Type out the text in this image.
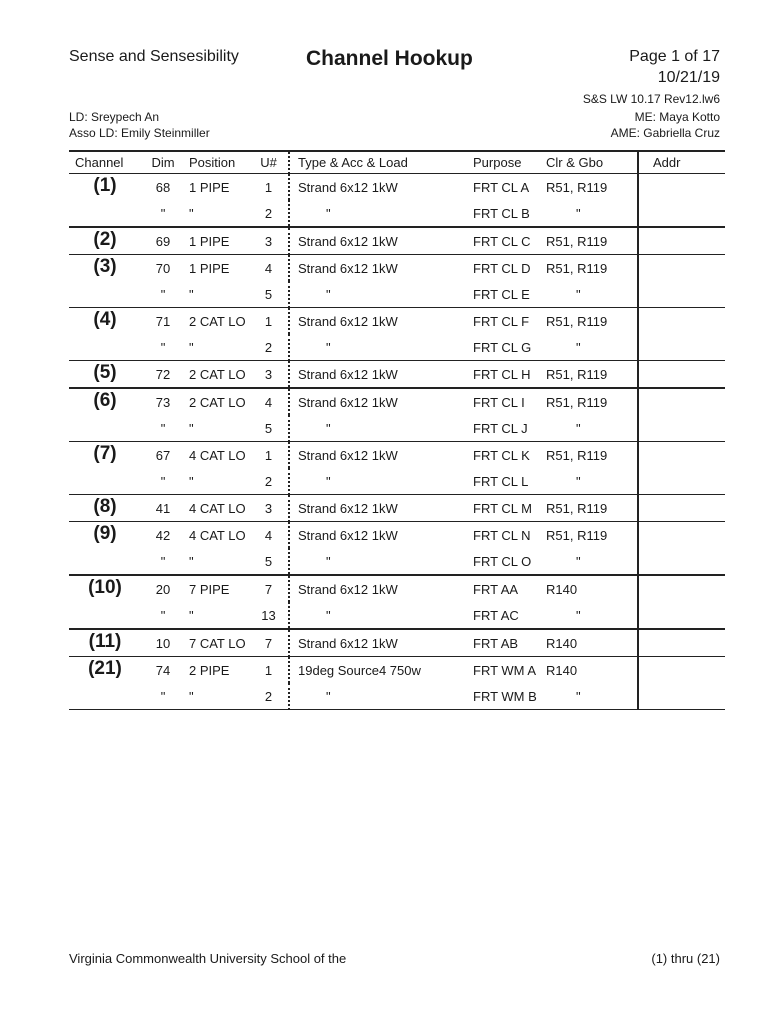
Sense and Sensesibility	Channel Hookup	Page 1 of 17
10/21/19
S&S LW 10.17 Rev12.lw6
LD: Sreypech An
Asso LD: Emily Steinmiller
ME: Maya Kotto
AME: Gabriella Cruz
Channel	Dim	Position	U#	Type & Acc & Load	Purpose	Clr & Gbo	Addr
(1)	68	1 PIPE	1	Strand 6x12 1kW	FRT CL A	R51, R119	
	"	"	2	"	FRT CL B	"	
(2)	69	1 PIPE	3	Strand 6x12 1kW	FRT CL C	R51, R119	
(3)	70	1 PIPE	4	Strand 6x12 1kW	FRT CL D	R51, R119	
	"	"	5	"	FRT CL E	"	
(4)	71	2 CAT LO	1	Strand 6x12 1kW	FRT CL F	R51, R119	
	"	"	2	"	FRT CL G	"	
(5)	72	2 CAT LO	3	Strand 6x12 1kW	FRT CL H	R51, R119	
(6)	73	2 CAT LO	4	Strand 6x12 1kW	FRT CL I	R51, R119	
	"	"	5	"	FRT CL J	"	
(7)	67	4 CAT LO	1	Strand 6x12 1kW	FRT CL K	R51, R119	
	"	"	2	"	FRT CL L	"	
(8)	41	4 CAT LO	3	Strand 6x12 1kW	FRT CL M	R51, R119	
(9)	42	4 CAT LO	4	Strand 6x12 1kW	FRT CL N	R51, R119	
	"	"	5	"	FRT CL O	"	
(10)	20	7 PIPE	7	Strand 6x12 1kW	FRT AA	R140	
	"	"	13	"	FRT AC	"	
(11)	10	7 CAT LO	7	Strand 6x12 1kW	FRT AB	R140	
(21)	74	2 PIPE	1	19deg Source4 750w	FRT WM A	R140	
	"	"	2	"	FRT WM B	"	
Virginia Commonwealth University School of the	(1) thru (21)
